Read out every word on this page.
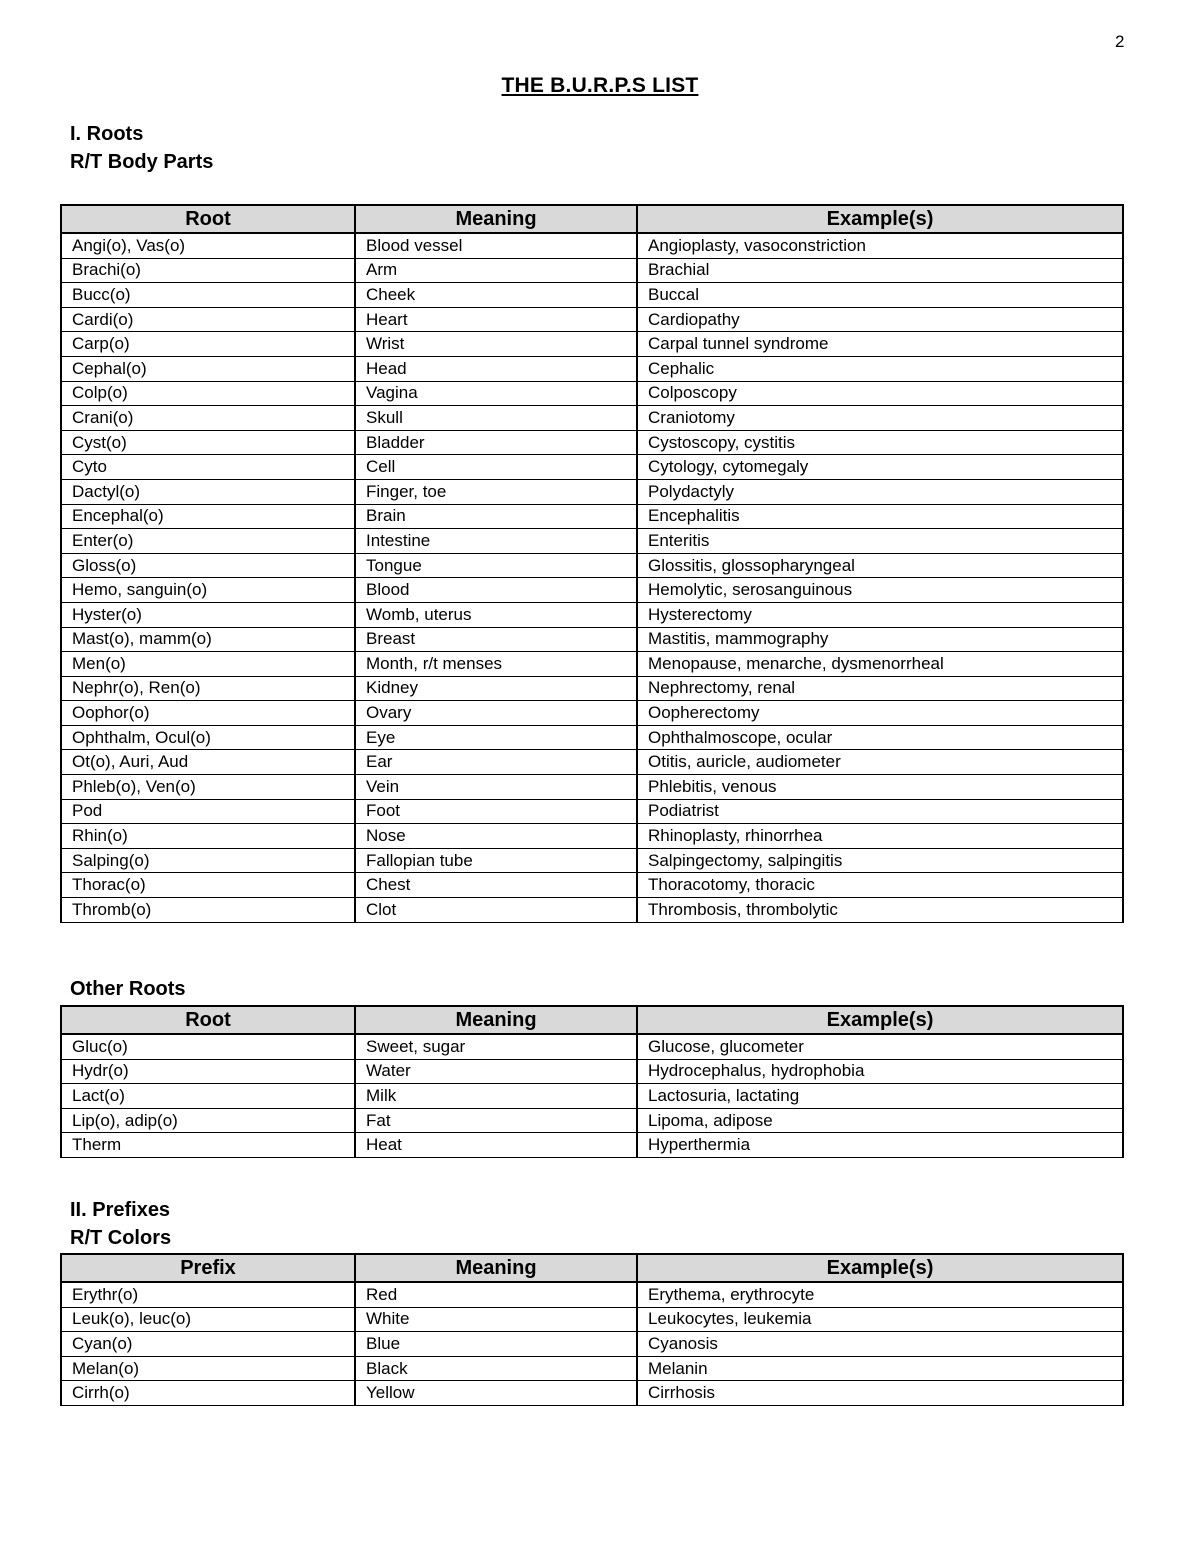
2
THE B.U.R.P.S LIST
I. Roots
R/T Body Parts
Root	Meaning	Example(s)
Angi(o), Vas(o)	Blood vessel	Angioplasty, vasoconstriction
Brachi(o)	Arm	Brachial
Bucc(o)	Cheek	Buccal
Cardi(o)	Heart	Cardiopathy
Carp(o)	Wrist	Carpal tunnel syndrome
Cephal(o)	Head	Cephalic
Colp(o)	Vagina	Colposcopy
Crani(o)	Skull	Craniotomy
Cyst(o)	Bladder	Cystoscopy, cystitis
Cyto	Cell	Cytology, cytomegaly
Dactyl(o)	Finger, toe	Polydactyly
Encephal(o)	Brain	Encephalitis
Enter(o)	Intestine	Enteritis
Gloss(o)	Tongue	Glossitis, glossopharyngeal
Hemo, sanguin(o)	Blood	Hemolytic, serosanguinous
Hyster(o)	Womb, uterus	Hysterectomy
Mast(o), mamm(o)	Breast	Mastitis, mammography
Men(o)	Month, r/t menses	Menopause, menarche, dysmenorrheal
Nephr(o), Ren(o)	Kidney	Nephrectomy, renal
Oophor(o)	Ovary	Oopherectomy
Ophthalm, Ocul(o)	Eye	Ophthalmoscope, ocular
Ot(o), Auri, Aud	Ear	Otitis, auricle, audiometer
Phleb(o), Ven(o)	Vein	Phlebitis, venous
Pod	Foot	Podiatrist
Rhin(o)	Nose	Rhinoplasty, rhinorrhea
Salping(o)	Fallopian tube	Salpingectomy, salpingitis
Thorac(o)	Chest	Thoracotomy, thoracic
Thromb(o)	Clot	Thrombosis, thrombolytic
Other Roots
Root	Meaning	Example(s)
Gluc(o)	Sweet, sugar	Glucose, glucometer
Hydr(o)	Water	Hydrocephalus, hydrophobia
Lact(o)	Milk	Lactosuria, lactating
Lip(o), adip(o)	Fat	Lipoma, adipose
Therm	Heat	Hyperthermia
II. Prefixes
R/T Colors
Prefix	Meaning	Example(s)
Erythr(o)	Red	Erythema, erythrocyte
Leuk(o), leuc(o)	White	Leukocytes, leukemia
Cyan(o)	Blue	Cyanosis
Melan(o)	Black	Melanin
Cirrh(o)	Yellow	Cirrhosis
